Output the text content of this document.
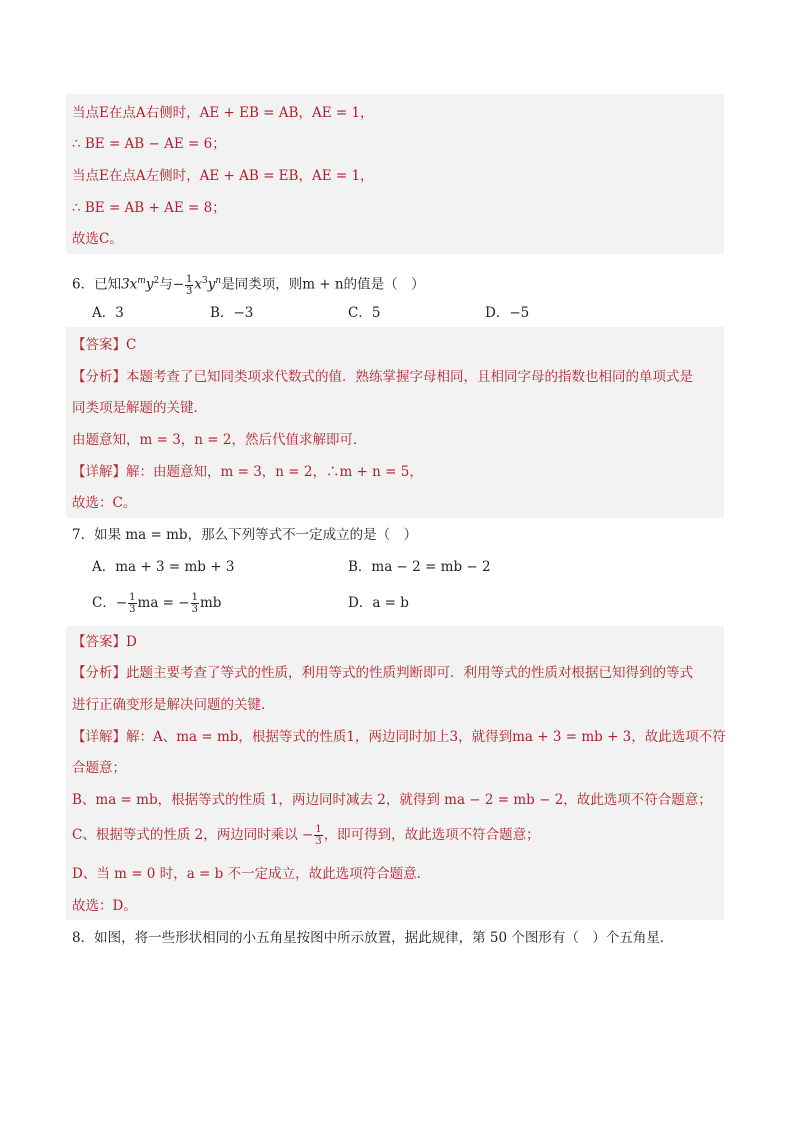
当点E在点A右侧时，AE + EB = AB，AE = 1，
∴ BE = AB − AE = 6；
当点E在点A左侧时，AE + AB = EB，AE = 1，
∴ BE = AB + AE = 8；
故选C。
6．已知$3x^my^2$与− $\frac{1}{3} x^3y^n$是同类项，则m + n的值是（　）
A．3	B．−3	C．5	D．−5
【答案】C
【分析】本题考查了已知同类项求代数式的值．熟练掌握字母相同，且相同字母的指数也相同的单项式是
同类项是解题的关键．
由题意知，m = 3，n = 2，然后代值求解即可．
【详解】解：由题意知，m = 3，n = 2，∴m + n = 5，
故选：C。
7．如果 ma = mb，那么下列等式不一定成立的是（　）
A．ma + 3 = mb + 3	B．ma − 2 = mb − 2
C．− $\frac{1}{3}$ ma = − $\frac{1}{3}$ mb	D．a = b
【答案】D
【分析】此题主要考查了等式的性质，利用等式的性质判断即可．利用等式的性质对根据已知得到的等式
进行正确变形是解决问题的关键．
【详解】解：A、ma = mb，根据等式的性质1，两边同时加上3，就得到ma + 3 = mb + 3，故此选项不符
合题意；
B、ma = mb，根据等式的性质 1，两边同时减去 2，就得到 ma − 2 = mb − 2，故此选项不符合题意；
C、根据等式的性质 2，两边同时乘以 − $\frac{1}{3}$ ，即可得到，故此选项不符合题意；
D、当 m = 0 时，a = b 不一定成立，故此选项符合题意．
故选：D。
8．如图，将一些形状相同的小五角星按图中所示放置，据此规律，第 50 个图形有（　）个五角星．
